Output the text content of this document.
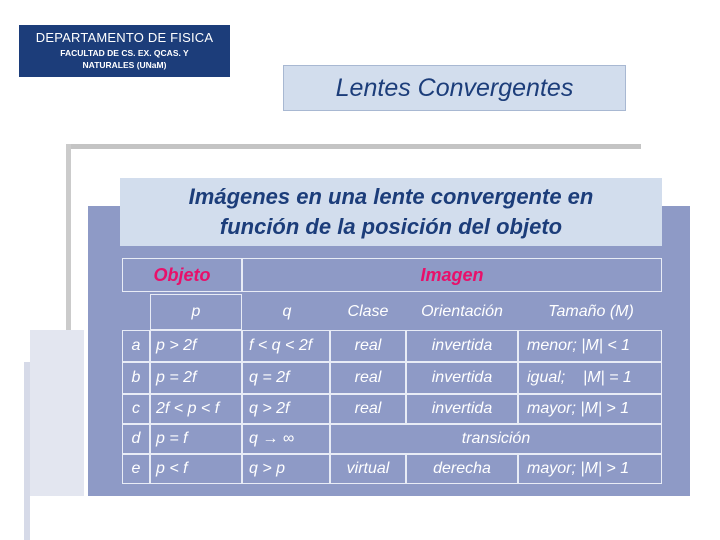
DEPARTAMENTO DE FISICA
FACULTAD DE CS. EX. QCAS. Y
NATURALES (UNaM)
Lentes Convergentes
Imágenes en una lente convergente en
función de la posición del objeto
Objeto	Imagen
p	q	Clase	Orientación	Tamaño (M)
a p > 2f	f < q < 2f	real	invertida	menor; |M| < 1
b p = 2f	q = 2f	real	invertida	igual;    |M| = 1
c	2f < p < f	q > 2f	real	invertida	mayor; |M| > 1
d p = f	q → ∞	transición
e p < f	q > p	virtual	derecha	mayor; |M| > 1
